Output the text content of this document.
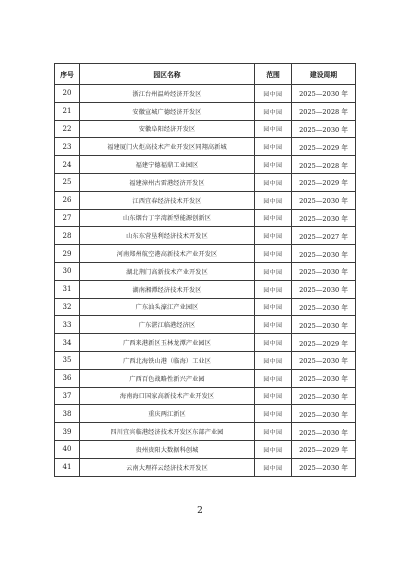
序号	园区名称	范围	建设周期
20	浙江台州温岭经济开发区	园中园	2025—2030 年
21	安徽宣城广德经济开发区	园中园	2025—2028 年
22	安徽阜阳经济开发区	园中园	2025—2030 年
23	福建厦门火炬高技术产业开发区同翔高新城	园中园	2025—2029 年
24	福建宁德福鼎工业园区	园中园	2025—2028 年
25	福建漳州古雷港经济开发区	园中园	2025—2029 年
26	江西宜春经济技术开发区	园中园	2025—2030 年
27	山东烟台丁字湾新型能源创新区	园中园	2025—2030 年
28	山东东营垦利经济技术开发区	园中园	2025—2027 年
29	河南郑州航空港高新技术产业开发区	园中园	2025—2030 年
30	湖北荆门高新技术产业开发区	园中园	2025—2030 年
31	湖南湘潭经济技术开发区	园中园	2025—2030 年
32	广东汕头濠江产业园区	园中园	2025—2030 年
33	广东湛江临港经济区	园中园	2025—2030 年
34	广西来港新区玉林龙潭产业园区	园中园	2025—2029 年
35	广西北海铁山港（临海）工业区	园中园	2025—2030 年
36	广西百色战略性新兴产业园	园中园	2025—2030 年
37	海南海口国家高新技术产业开发区	园中园	2025—2030 年
38	重庆两江新区	园中园	2025—2030 年
39	四川宜宾临港经济技术开发区东部产业园	园中园	2025—2030 年
40	贵州贵阳大数据科创城	园中园	2025—2029 年
41	云南大理祥云经济技术开发区	园中园	2025—2030 年
2
